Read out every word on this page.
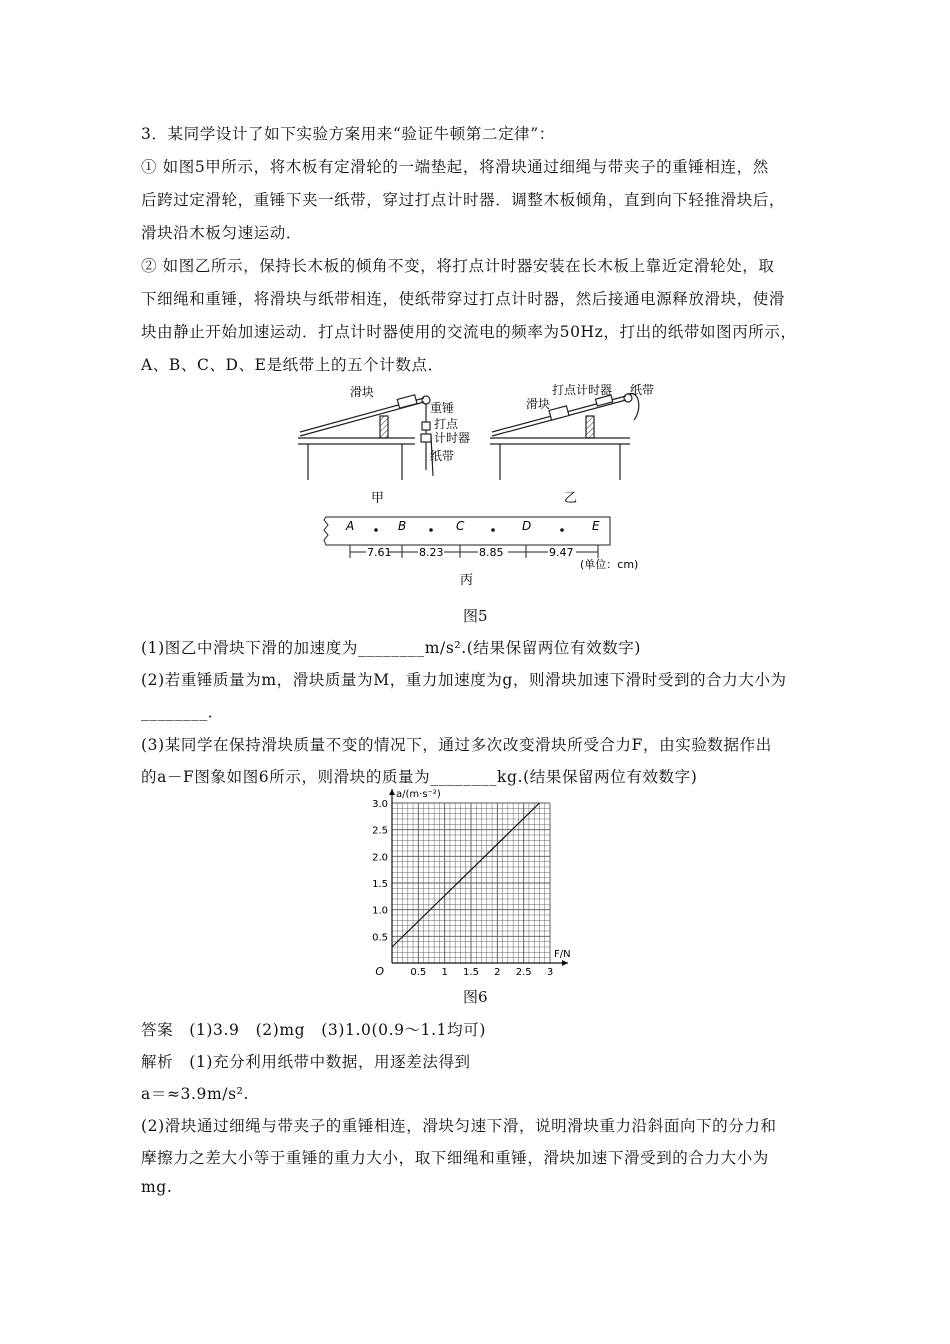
3．某同学设计了如下实验方案用来“验证牛顿第二定律”：
① 如图5甲所示，将木板有定滑轮的一端垫起，将滑块通过细绳与带夹子的重锤相连，然
后跨过定滑轮，重锤下夹一纸带，穿过打点计时器．调整木板倾角，直到向下轻推滑块后，
滑块沿木板匀速运动．
② 如图乙所示，保持长木板的倾角不变，将打点计时器安装在长木板上靠近定滑轮处，取
下细绳和重锤，将滑块与纸带相连，使纸带穿过打点计时器，然后接通电源释放滑块，使滑
块由静止开始加速运动．打点计时器使用的交流电的频率为50Hz，打出的纸带如图丙所示，
A、B、C、D、E是纸带上的五个计数点．
滑块
重锤
打点
计时器
纸带
打点计时器 纸带
滑块
甲	乙
A	B	C	D	E
7.61	8.23	8.85	9.47
(单位：cm)
丙
图5
(1)图乙中滑块下滑的加速度为________m/s².(结果保留两位有效数字)
(2)若重锤质量为m，滑块质量为M，重力加速度为g，则滑块加速下滑时受到的合力大小为
________．
(3)某同学在保持滑块质量不变的情况下，通过多次改变滑块所受合力F，由实验数据作出
的a－F图象如图6所示，则滑块的质量为________kg.(结果保留两位有效数字)
0.5 1 1.5 2 2.5 3
0.5
1.0
1.5
2.0
2.5
3.0
O
a/(m·s⁻²)
F/N
图6
答案　(1)3.9　(2)mg　(3)1.0(0.9～1.1均可)
解析　(1)充分利用纸带中数据，用逐差法得到
a＝≈3.9m/s².
(2)滑块通过细绳与带夹子的重锤相连，滑块匀速下滑，说明滑块重力沿斜面向下的分力和
摩擦力之差大小等于重锤的重力大小，取下细绳和重锤，滑块加速下滑受到的合力大小为
mg.
